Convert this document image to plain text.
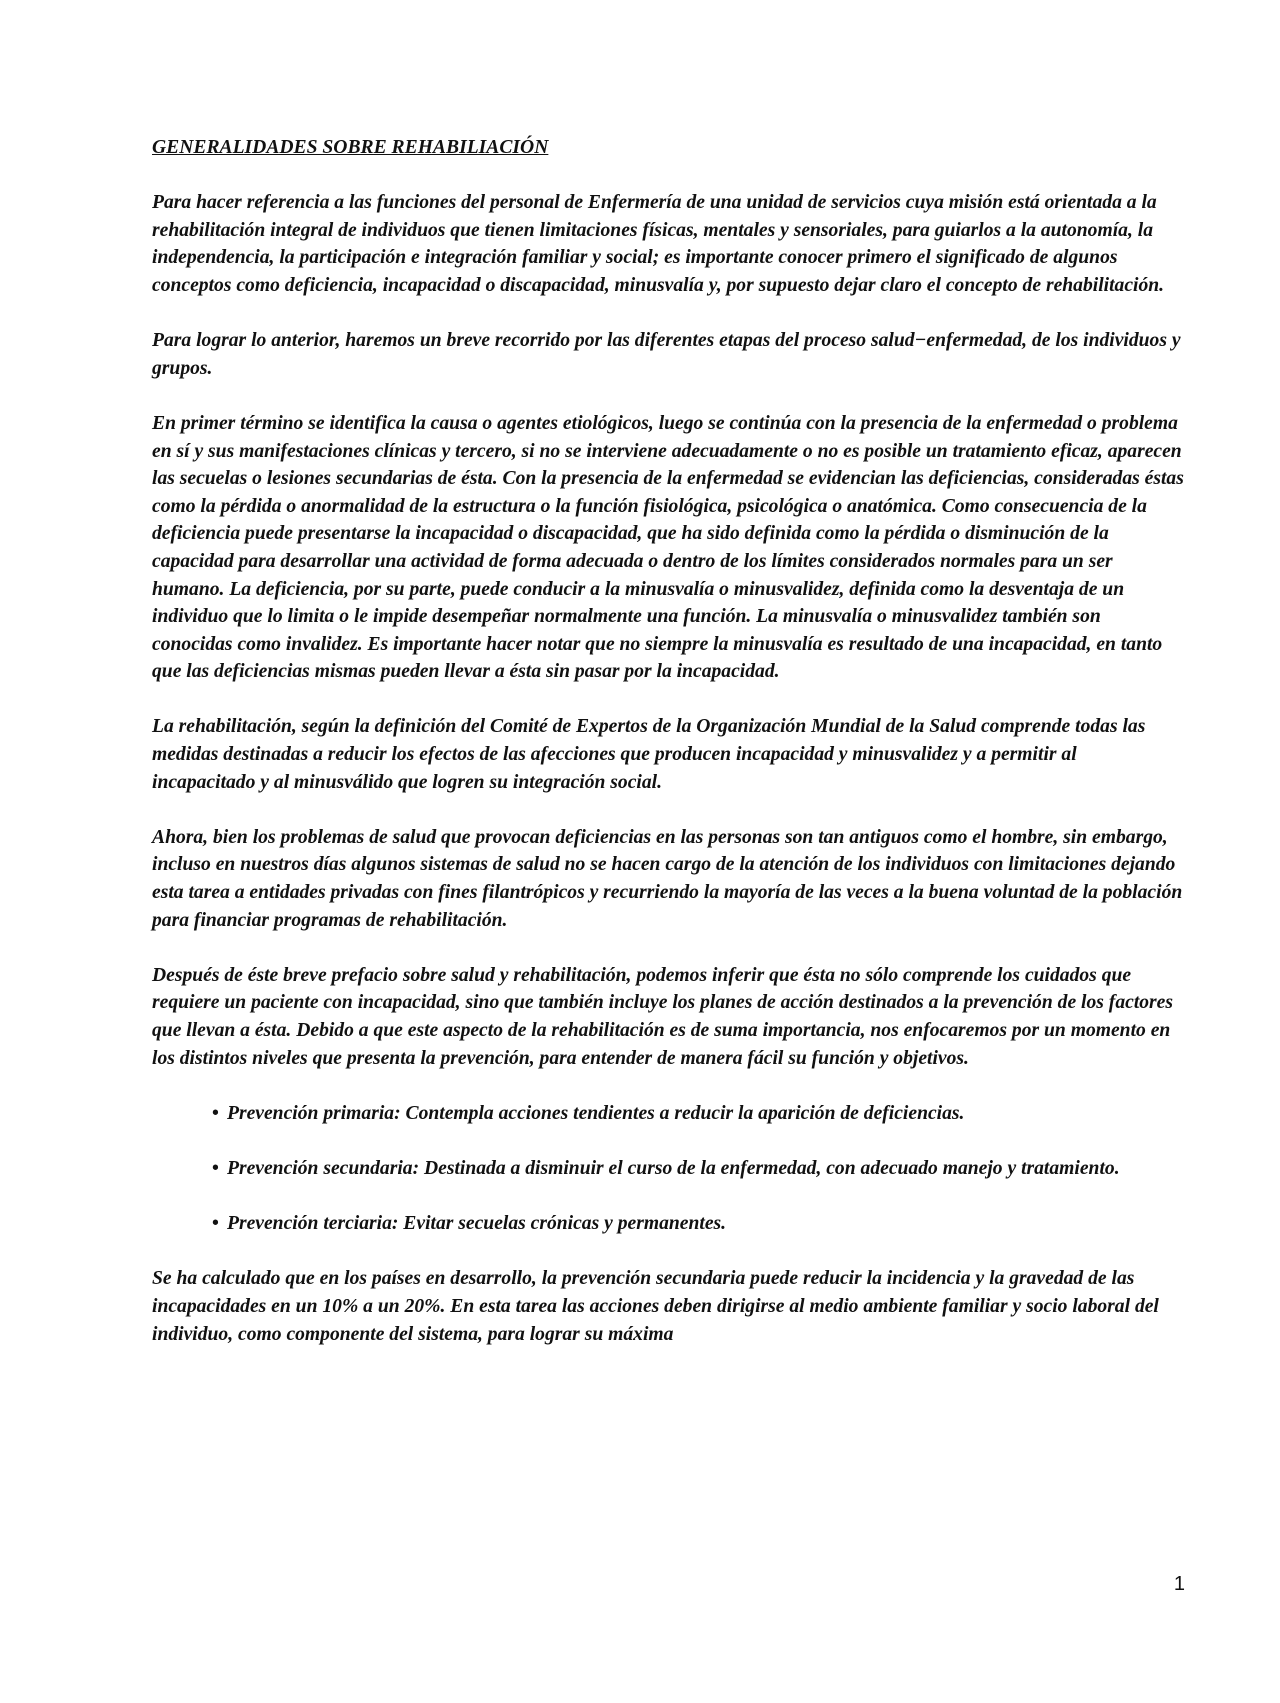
GENERALIDADES SOBRE REHABILIACIÓN

Para hacer referencia a las funciones del personal de Enfermería de una unidad de servicios cuya misión está orientada a la rehabilitación integral de individuos que tienen limitaciones físicas, mentales y sensoriales, para guiarlos a la autonomía, la independencia, la participación e integración familiar y social; es importante conocer primero el significado de algunos conceptos como deficiencia, incapacidad o discapacidad, minusvalía y, por supuesto dejar claro el concepto de rehabilitación.

Para lograr lo anterior, haremos un breve recorrido por las diferentes etapas del proceso salud−enfermedad, de los individuos y grupos.

En primer término se identifica la causa o agentes etiológicos, luego se continúa con la presencia de la enfermedad o problema en sí y sus manifestaciones clínicas y tercero, si no se interviene adecuadamente o no es posible un tratamiento eficaz, aparecen las secuelas o lesiones secundarias de ésta. Con la presencia de la enfermedad se evidencian las deficiencias, consideradas éstas como la pérdida o anormalidad de la estructura o la función fisiológica, psicológica o anatómica. Como consecuencia de la deficiencia puede presentarse la incapacidad o discapacidad, que ha sido definida como la pérdida o disminución de la capacidad para desarrollar una actividad de forma adecuada o dentro de los límites considerados normales para un ser humano. La deficiencia, por su parte, puede conducir a la minusvalía o minusvalidez, definida como la desventaja de un individuo que lo limita o le impide desempeñar normalmente una función. La minusvalía o minusvalidez también son conocidas como invalidez. Es importante hacer notar que no siempre la minusvalía es resultado de una incapacidad, en tanto que las deficiencias mismas pueden llevar a ésta sin pasar por la incapacidad.

La rehabilitación, según la definición del Comité de Expertos de la Organización Mundial de la Salud comprende todas las medidas destinadas a reducir los efectos de las afecciones que producen incapacidad y minusvalidez y a permitir al incapacitado y al minusválido que logren su integración social.

Ahora, bien los problemas de salud que provocan deficiencias en las personas son tan antiguos como el hombre, sin embargo, incluso en nuestros días algunos sistemas de salud no se hacen cargo de la atención de los individuos con limitaciones dejando esta tarea a entidades privadas con fines filantrópicos y recurriendo la mayoría de las veces a la buena voluntad de la población para financiar programas de rehabilitación.

Después de éste breve prefacio sobre salud y rehabilitación, podemos inferir que ésta no sólo comprende los cuidados que requiere un paciente con incapacidad, sino que también incluye los planes de acción destinados a la prevención de los factores que llevan a ésta. Debido a que este aspecto de la rehabilitación es de suma importancia, nos enfocaremos por un momento en los distintos niveles que presenta la prevención, para entender de manera fácil su función y objetivos.

• Prevención primaria: Contempla acciones tendientes a reducir la aparición de deficiencias.
• Prevención secundaria: Destinada a disminuir el curso de la enfermedad, con adecuado manejo y tratamiento.
• Prevención terciaria: Evitar secuelas crónicas y permanentes.

Se ha calculado que en los países en desarrollo, la prevención secundaria puede reducir la incidencia y la gravedad de las incapacidades en un 10% a un 20%. En esta tarea las acciones deben dirigirse al medio ambiente familiar y socio laboral del individuo, como componente del sistema, para lograr su máxima

1
